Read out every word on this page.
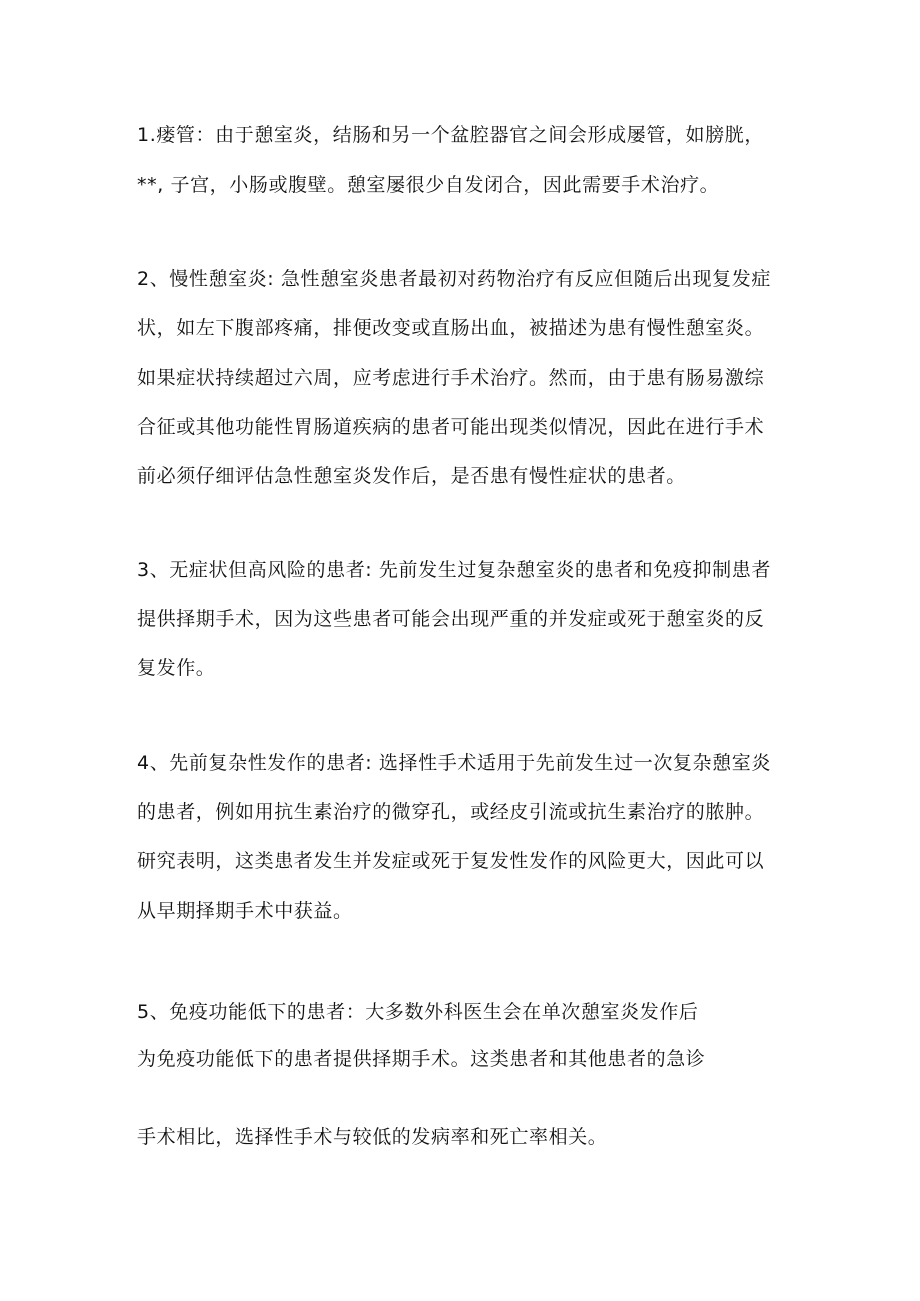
1.瘘管：由于憩室炎，结肠和另一个盆腔器官之间会形成屡管，如膀胱，
**, 子宫，小肠或腹壁。憩室屡很少自发闭合，因此需要手术治疗。
2、慢性憩室炎: 急性憩室炎患者最初对药物治疗有反应但随后出现复发症
状，如左下腹部疼痛，排便改变或直肠出血，被描述为患有慢性憩室炎。
如果症状持续超过六周，应考虑进行手术治疗。然而，由于患有肠易激综
合征或其他功能性胃肠道疾病的患者可能出现类似情况，因此在进行手术
前必须仔细评估急性憩室炎发作后，是否患有慢性症状的患者。
3、无症状但高风险的患者: 先前发生过复杂憩室炎的患者和免疫抑制患者
提供择期手术，因为这些患者可能会出现严重的并发症或死于憩室炎的反
复发作。
4、先前复杂性发作的患者: 选择性手术适用于先前发生过一次复杂憩室炎
的患者，例如用抗生素治疗的微穿孔，或经皮引流或抗生素治疗的脓肿。
研究表明，这类患者发生并发症或死于复发性发作的风险更大，因此可以
从早期择期手术中获益。
5、免疫功能低下的患者：大多数外科医生会在单次憩室炎发作后
为免疫功能低下的患者提供择期手术。这类患者和其他患者的急诊
手术相比，选择性手术与较低的发病率和死亡率相关。
